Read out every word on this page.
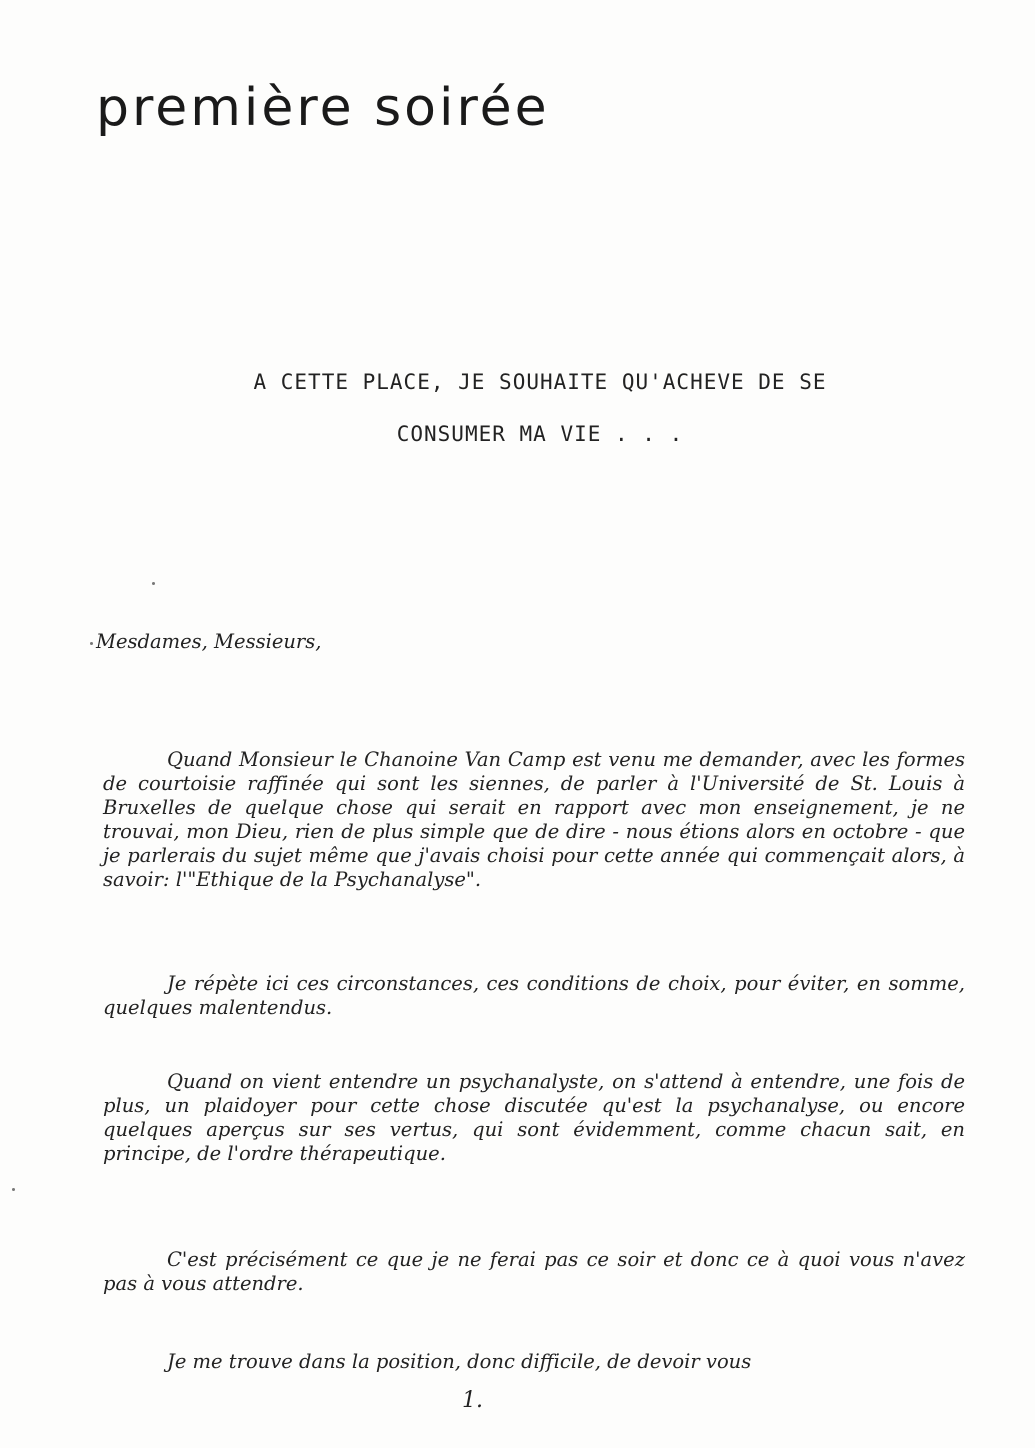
première soirée
A CETTE PLACE, JE SOUHAITE QU'ACHEVE DE SE
CONSUMER MA VIE . . .
Mesdames, Messieurs,

Quand Monsieur le Chanoine Van Camp est venu me demander, avec les formes de courtoisie raffinée qui sont les siennes, de parler à l'Université de St. Louis à Bruxelles de quelque chose qui serait en rapport avec mon enseignement, je ne trouvai, mon Dieu, rien de plus simple que de dire - nous étions alors en octobre - que je parlerais du sujet même que j'avais choisi pour cette année qui commençait alors, à savoir: l'"Ethique de la Psychanalyse".

Je répète ici ces circonstances, ces conditions de choix, pour éviter, en somme, quelques malentendus.

Quand on vient entendre un psychanalyste, on s'attend à entendre, une fois de plus, un plaidoyer pour cette chose discutée qu'est la psychanalyse, ou encore quelques aperçus sur ses vertus, qui sont évidemment, comme chacun sait, en principe, de l'ordre thérapeutique.

C'est précisément ce que je ne ferai pas ce soir et donc ce à quoi vous n'avez pas à vous attendre.

Je me trouve dans la position, donc difficile, de devoir vous

1.
